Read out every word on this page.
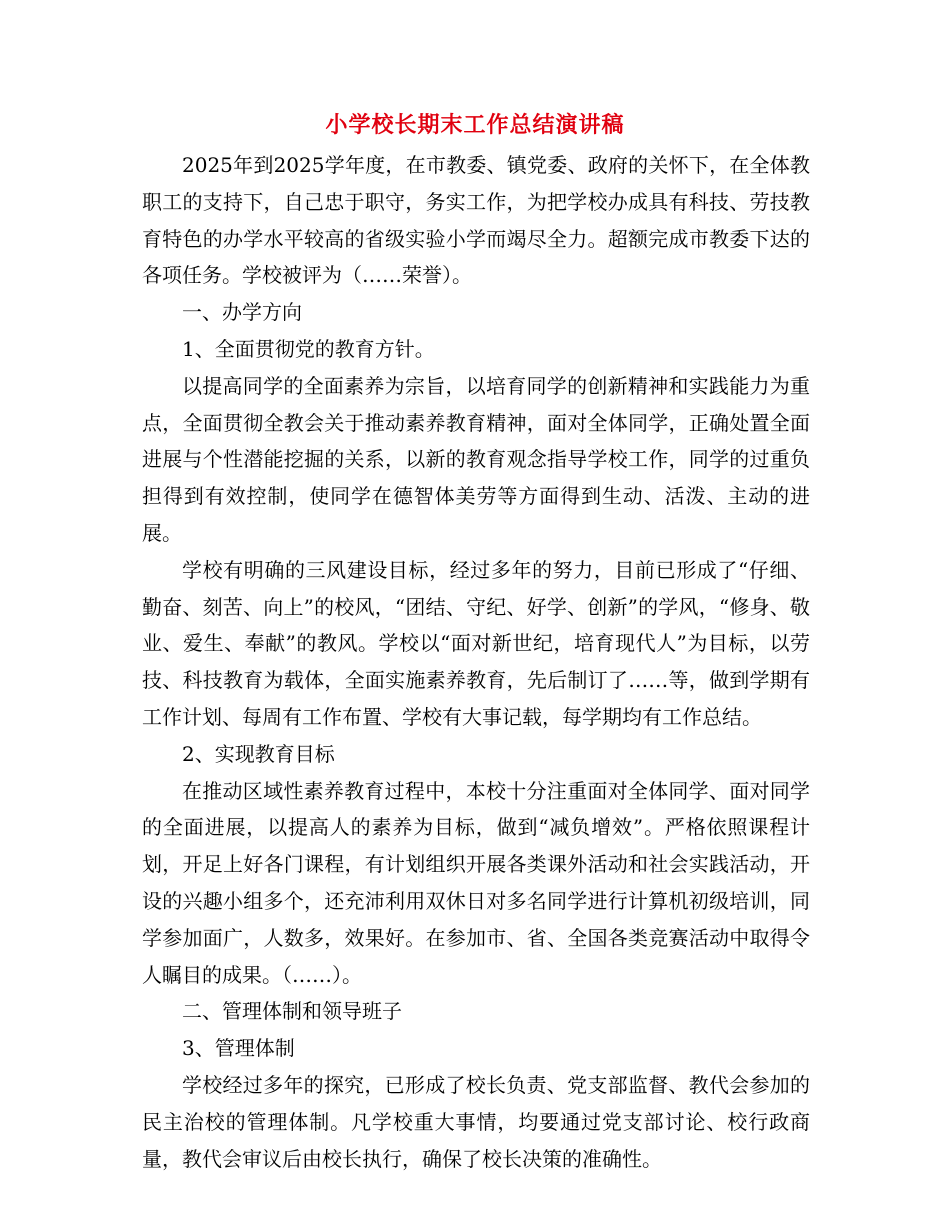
小学校长期末工作总结演讲稿

2025年到2025学年度，在市教委、镇党委、政府的关怀下，在全体教职工的支持下，自己忠于职守，务实工作，为把学校办成具有科技、劳技教育特色的办学水平较高的省级实验小学而竭尽全力。超额完成市教委下达的各项任务。学校被评为（……荣誉）。

一、办学方向

1、全面贯彻党的教育方针。

以提高同学的全面素养为宗旨，以培育同学的创新精神和实践能力为重点，全面贯彻全教会关于推动素养教育精神，面对全体同学，正确处置全面进展与个性潜能挖掘的关系，以新的教育观念指导学校工作，同学的过重负担得到有效控制，使同学在德智体美劳等方面得到生动、活泼、主动的进展。

学校有明确的三风建设目标，经过多年的努力，目前已形成了“仔细、勤奋、刻苦、向上”的校风，“团结、守纪、好学、创新”的学风，“修身、敬业、爱生、奉献”的教风。学校以“面对新世纪，培育现代人”为目标，以劳技、科技教育为载体，全面实施素养教育，先后制订了……等，做到学期有工作计划、每周有工作布置、学校有大事记载，每学期均有工作总结。

2、实现教育目标

在推动区域性素养教育过程中，本校十分注重面对全体同学、面对同学的全面进展，以提高人的素养为目标，做到“减负增效”。严格依照课程计划，开足上好各门课程，有计划组织开展各类课外活动和社会实践活动，开设的兴趣小组多个，还充沛利用双休日对多名同学进行计算机初级培训，同学参加面广，人数多，效果好。在参加市、省、全国各类竞赛活动中取得令人瞩目的成果。（……）。

二、管理体制和领导班子

3、管理体制

学校经过多年的探究，已形成了校长负责、党支部监督、教代会参加的民主治校的管理体制。凡学校重大事情，均要通过党支部讨论、校行政商量，教代会审议后由校长执行，确保了校长决策的准确性。
